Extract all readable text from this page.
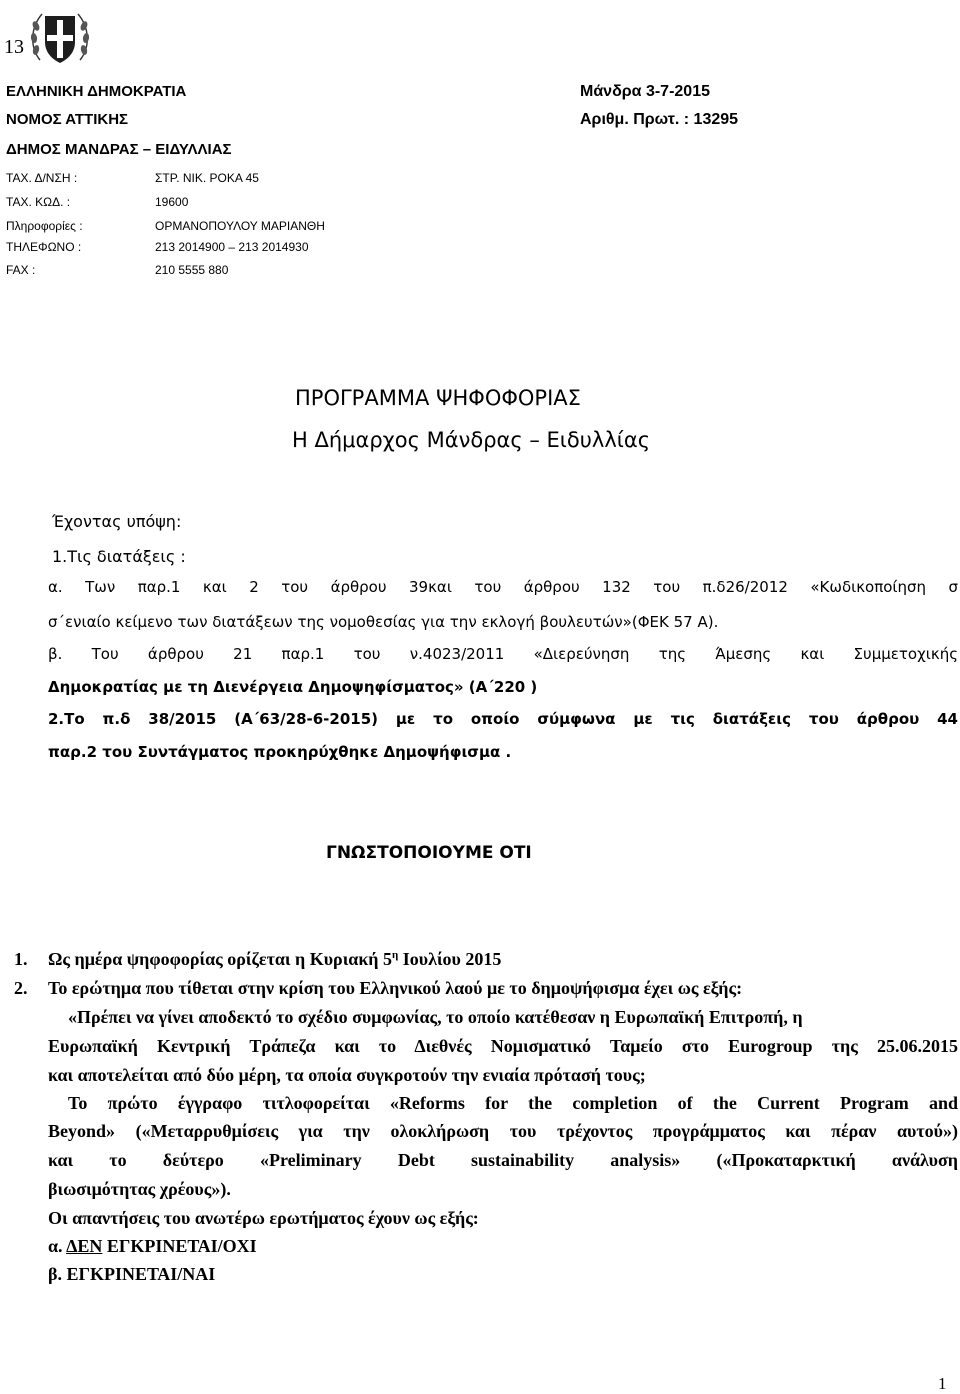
13
ΕΛΛΗΝΙΚΗ ΔΗΜΟΚΡΑΤΙΑ
ΝΟΜΟΣ ΑΤΤΙΚΗΣ
ΔΗΜΟΣ ΜΑΝΔΡΑΣ – ΕΙΔΥΛΛΙΑΣ
Μάνδρα 3-7-2015
Αριθμ. Πρωτ. : 13295
ΤΑΧ. Δ/ΝΣΗ :	ΣΤΡ. ΝΙΚ. ΡΟΚΑ 45
ΤΑΧ. ΚΩΔ. :	19600
Πληροφορίες :	ΟΡΜΑΝΟΠΟΥΛΟΥ ΜΑΡΙΑΝΘΗ
ΤΗΛΕΦΩΝΟ :	213 2014900 – 213 2014930
FAX :	210 5555 880
ΠΡΟΓΡΑΜΜΑ ΨΗΦΟΦΟΡΙΑΣ
Η Δήμαρχος Μάνδρας – Ειδυλλίας
Έχοντας υπόψη:
1.Τις διατάξεις :
α. Των παρ.1 και 2 του άρθρου 39και του άρθρου 132 του π.δ26/2012 «Κωδικοποίηση σ
σ΄ενιαίο κείμενο των διατάξεων της νομοθεσίας για την εκλογή βουλευτών»(ΦΕΚ 57 Α).
β. Του άρθρου 21 παρ.1 του ν.4023/2011 «Διερεύνηση της Άμεσης και Συμμετοχικής
Δημοκρατίας με τη Διενέργεια Δημοψηφίσματος» (Α΄220 )
2.Το π.δ 38/2015 (Α΄63/28-6-2015) με το οποίο σύμφωνα με τις διατάξεις του άρθρου 44
παρ.2 του Συντάγματος προκηρύχθηκε Δημοψήφισμα .
ΓΝΩΣΤΟΠΟΙΟΥΜΕ ΟΤΙ
1. Ως ημέρα ψηφοφορίας ορίζεται η Κυριακή $5^\eta$ Ιουλίου 2015
2. Το ερώτημα που τίθεται στην κρίση του Ελληνικού λαού με το δημοψήφισμα έχει ως εξής:
«Πρέπει να γίνει αποδεκτό το σχέδιο συμφωνίας, το οποίο κατέθεσαν η Ευρωπαϊκή Επιτροπή, η
Ευρωπαϊκή Κεντρική Τράπεζα και το Διεθνές Νομισματικό Ταμείο στο Eurogroup της 25.06.2015
και αποτελείται από δύο μέρη, τα οποία συγκροτούν την ενιαία πρότασή τους;
Το πρώτο έγγραφο τιτλοφορείται «Reforms for the completion of the Current Program and
Beyond» («Μεταρρυθμίσεις για την ολοκλήρωση του τρέχοντος προγράμματος και πέραν αυτού»)
και το δεύτερο «Preliminary Debt sustainability analysis» («Προκαταρκτική ανάλυση
βιωσιμότητας χρέους»).
Οι απαντήσεις του ανωτέρω ερωτήματος έχουν ως εξής:
α. ΔΕΝ ΕΓΚΡΙΝΕΤΑΙ/ΟΧΙ
β. ΕΓΚΡΙΝΕΤΑΙ/ΝΑΙ
1
